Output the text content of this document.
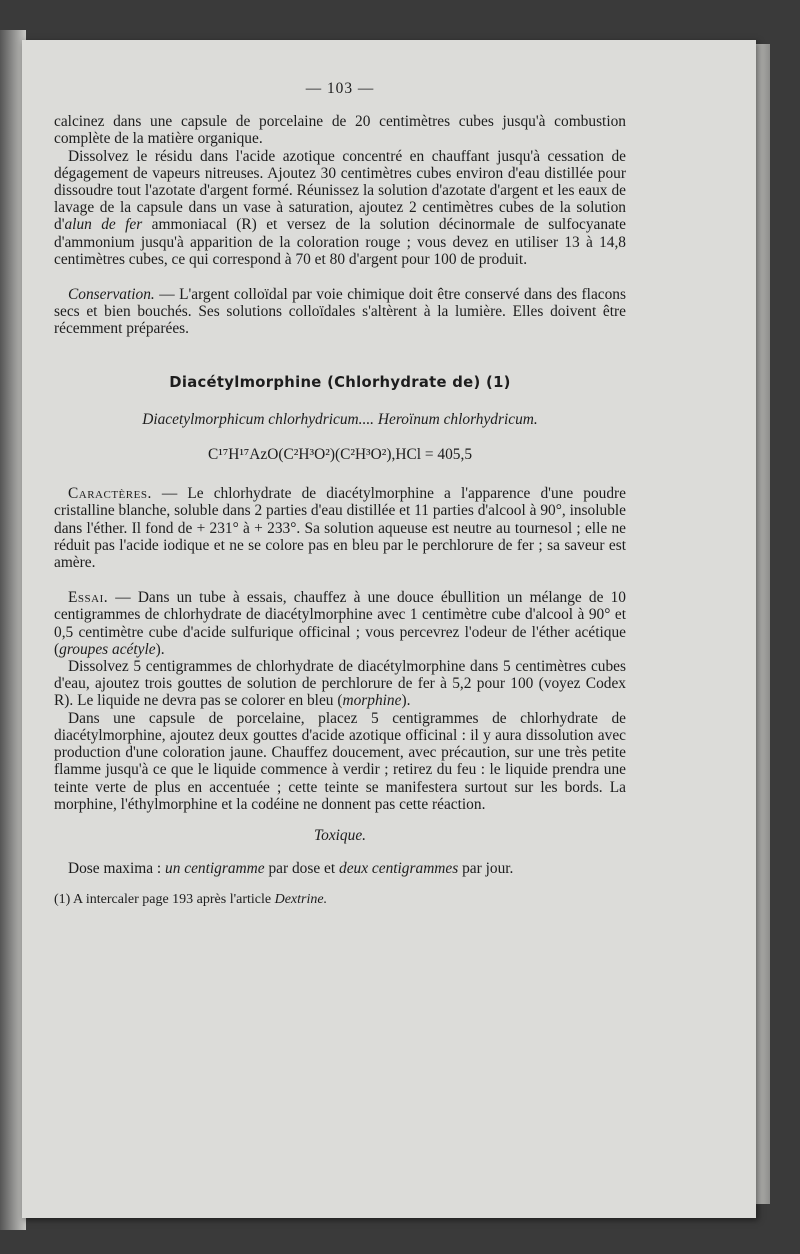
— 103 —

calcinez dans une capsule de porcelaine de 20 centimètres cubes jusqu'à combustion complète de la matière organique.

Dissolvez le résidu dans l'acide azotique concentré en chauffant jusqu'à cessation de dégagement de vapeurs nitreuses. Ajoutez 30 centimètres cubes environ d'eau distillée pour dissoudre tout l'azotate d'argent formé. Réunissez la solution d'azotate d'argent et les eaux de lavage de la capsule dans un vase à saturation, ajoutez 2 centimètres cubes de la solution d'alun de fer ammoniacal (R) et versez de la solution décinormale de sulfocyanate d'ammonium jusqu'à apparition de la coloration rouge ; vous devez en utiliser 13 à 14,8 centimètres cubes, ce qui correspond à 70 et 80 d'argent pour 100 de produit.

Conservation. — L'argent colloïdal par voie chimique doit être conservé dans des flacons secs et bien bouchés. Ses solutions colloïdales s'altèrent à la lumière. Elles doivent être récemment préparées.

Diacétylmorphine (Chlorhydrate de) (1)
Diacetylmorphicum chlorhydricum.... Heroïnum chlorhydricum.
C¹⁷H¹⁷AzO(C²H³O²)(C²H³O²),HCl = 405,5

Caractères. — Le chlorhydrate de diacétylmorphine a l'apparence d'une poudre cristalline blanche, soluble dans 2 parties d'eau distillée et 11 parties d'alcool à 90°, insoluble dans l'éther. Il fond de + 231° à + 233°. Sa solution aqueuse est neutre au tournesol ; elle ne réduit pas l'acide iodique et ne se colore pas en bleu par le perchlorure de fer ; sa saveur est amère.

Essai. — Dans un tube à essais, chauffez à une douce ébullition un mélange de 10 centigrammes de chlorhydrate de diacétylmorphine avec 1 centimètre cube d'alcool à 90° et 0,5 centimètre cube d'acide sulfurique officinal ; vous percevrez l'odeur de l'éther acétique (groupes acétyle).

Dissolvez 5 centigrammes de chlorhydrate de diacétylmorphine dans 5 centimètres cubes d'eau, ajoutez trois gouttes de solution de perchlorure de fer à 5,2 pour 100 (voyez Codex R). Le liquide ne devra pas se colorer en bleu (morphine).

Dans une capsule de porcelaine, placez 5 centigrammes de chlorhydrate de diacétylmorphine, ajoutez deux gouttes d'acide azotique officinal : il y aura dissolution avec production d'une coloration jaune. Chauffez doucement, avec précaution, sur une très petite flamme jusqu'à ce que le liquide commence à verdir ; retirez du feu : le liquide prendra une teinte verte de plus en accentuée ; cette teinte se manifestera surtout sur les bords. La morphine, l'éthylmorphine et la codéine ne donnent pas cette réaction.

Toxique.

Dose maxima : un centigramme par dose et deux centigrammes par jour.

(1) A intercaler page 193 après l'article Dextrine.
